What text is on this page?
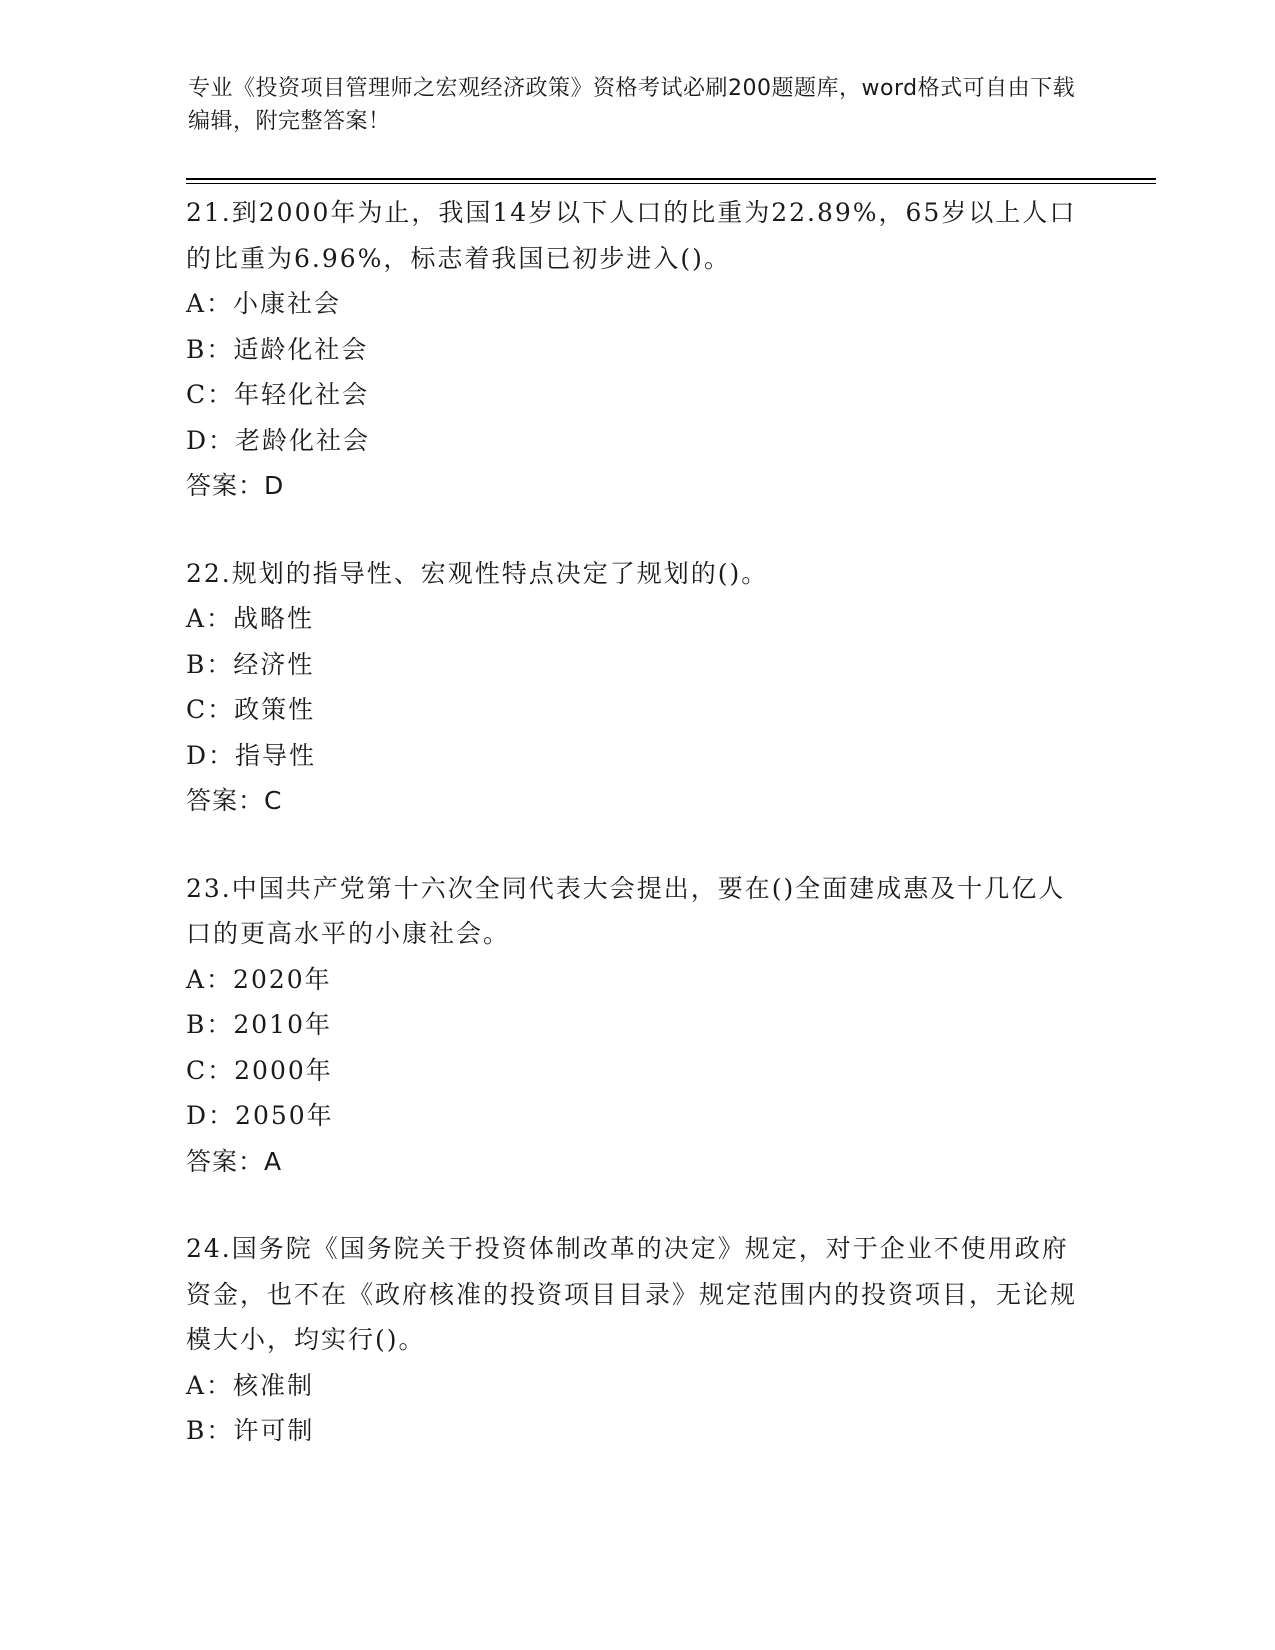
专业《投资项目管理师之宏观经济政策》资格考试必刷200题题库，word格式可自由下载编辑，附完整答案！

21.到2000年为止，我国14岁以下人口的比重为22.89%，65岁以上人口的比重为6.96%，标志着我国已初步进入()。

A：小康社会

B：适龄化社会

C：年轻化社会

D：老龄化社会

答案：D

22.规划的指导性、宏观性特点决定了规划的()。

A：战略性

B：经济性

C：政策性

D：指导性

答案：C

23.中国共产党第十六次全同代表大会提出，要在()全面建成惠及十几亿人口的更高水平的小康社会。

A：2020年

B：2010年

C：2000年

D：2050年

答案：A

24.国务院《国务院关于投资体制改革的决定》规定，对于企业不使用政府资金，也不在《政府核准的投资项目目录》规定范围内的投资项目，无论规模大小，均实行()。

A：核准制

B：许可制
